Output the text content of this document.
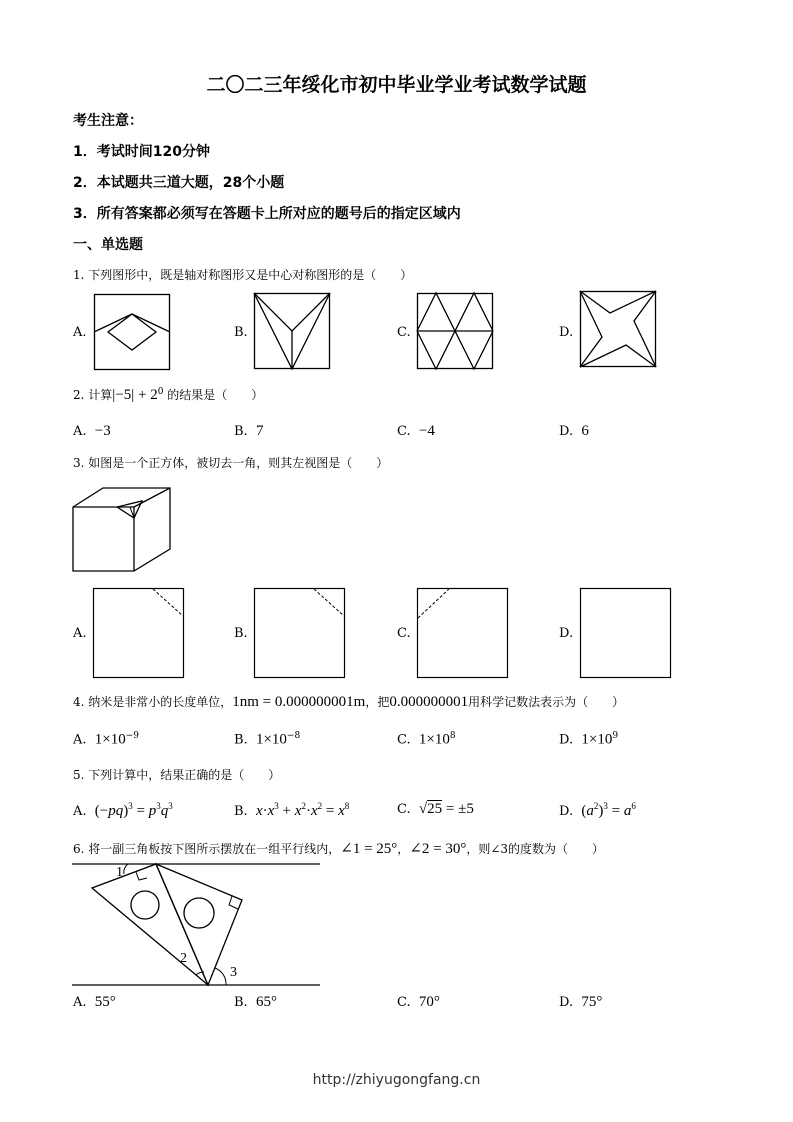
二〇二三年绥化市初中毕业学业考试数学试题
考生注意：
1．考试时间120分钟
2．本试题共三道大题，28个小题
3．所有答案都必须写在答题卡上所对应的题号后的指定区域内
一、单选题
1. 下列图形中，既是轴对称图形又是中心对称图形的是（　　）
A.	B.	C.	D.
2. 计算$|-5| + 2^0$ 的结果是（　　）
A. −3	B. 7	C. −4	D. 6
3. 如图是一个正方体，被切去一角，则其左视图是（　　）
A.	B.	C.	D.
4. 纳米是非常小的长度单位，1nm = 0.000000001m，把0.000000001用科学记数法表示为（　　）
A. $1\times 10^{-9}$	B. $1\times 10^{-8}$	C. $1\times 10^8$	D. $1\times 10^9$
5. 下列计算中，结果正确的是（　　）
A. $(-pq)^3 = p^3q^3$	B. $x\cdot x^3 + x^2\cdot x^2 = x^8$	C. √25 = ±5	D. $(a^2)^3 = a^6$
6. 将一副三角板按下图所示摆放在一组平行线内，∠1 = 25°，∠2 = 30°，则∠3的度数为（　　）
1
2
3
A. 55°	B. 65°	C. 70°	D. 75°
http://zhiyugongfang.cn
